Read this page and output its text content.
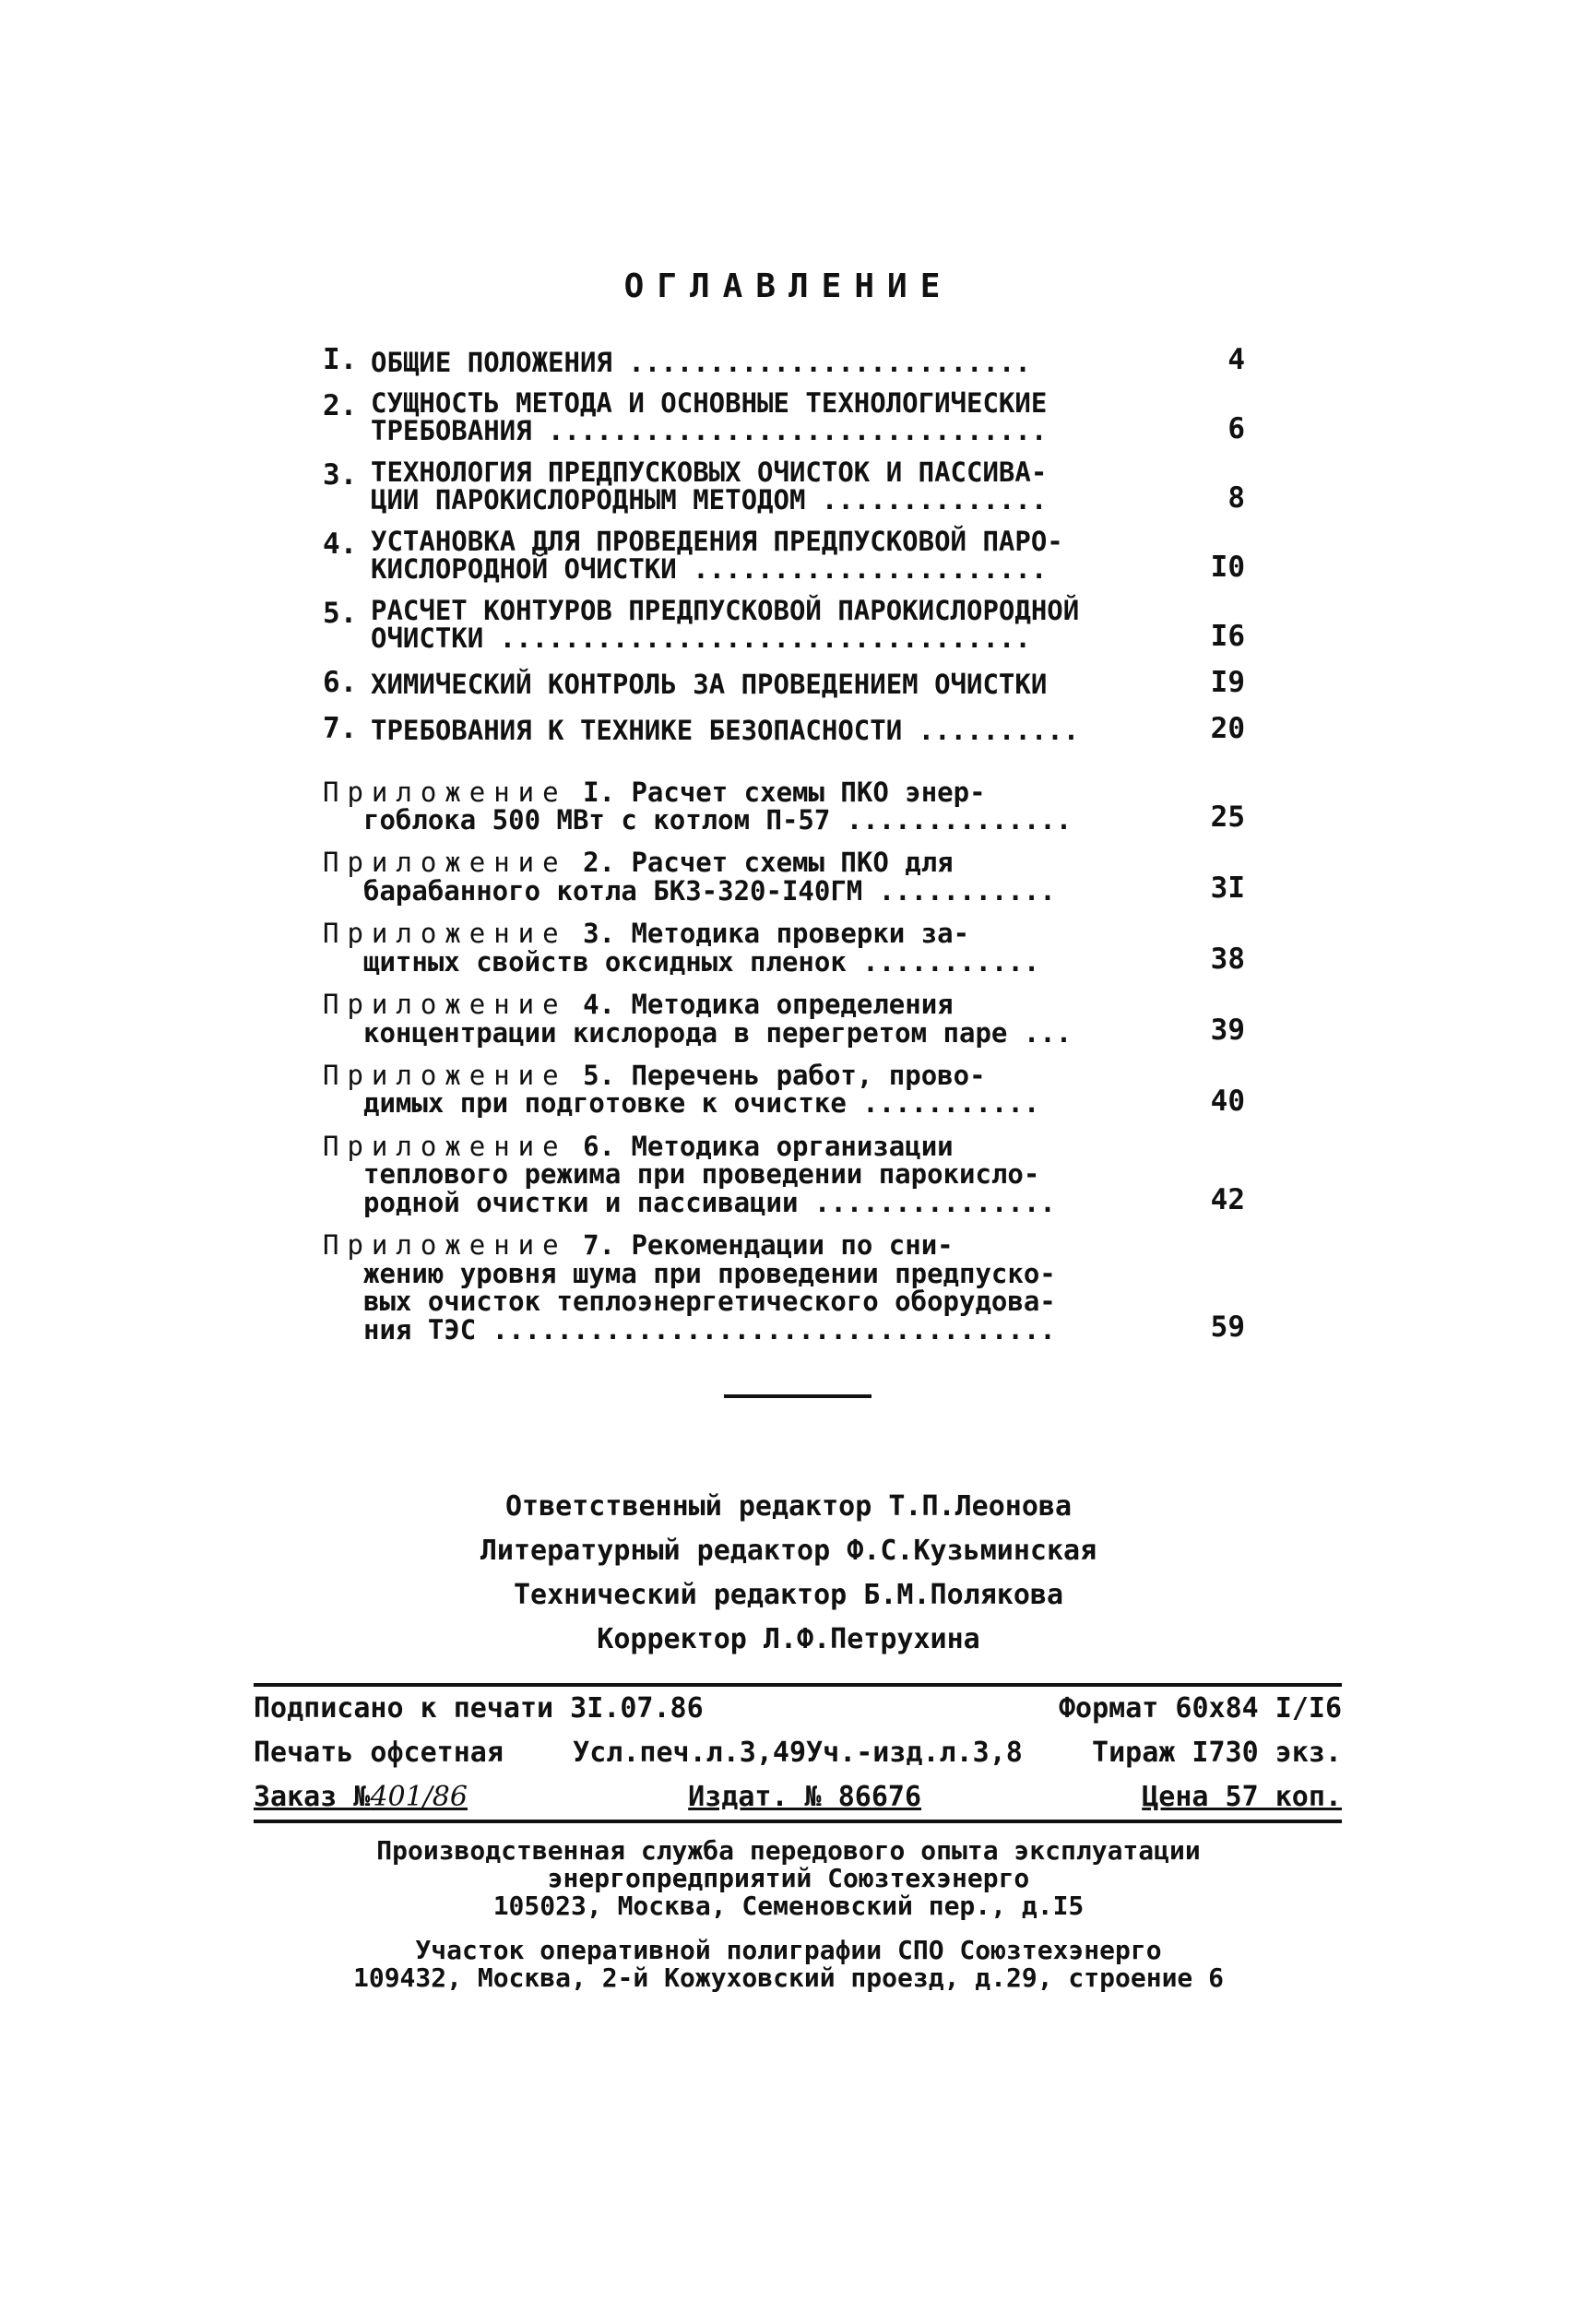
ОГЛАВЛЕНИЕ
I. ОБЩИЕ ПОЛОЖЕНИЯ .........................	4
2. СУЩНОСТЬ МЕТОДА И ОСНОВНЫЕ ТЕХНОЛОГИЧЕСКИЕ
ТРЕБОВАНИЯ ...............................	6
3. ТЕХНОЛОГИЯ ПРЕДПУСКОВЫХ ОЧИСТОК И ПАССИВА-
ЦИИ ПАРОКИСЛОРОДНЫМ МЕТОДОМ ..............	8
4. УСТАНОВКА ДЛЯ ПРОВЕДЕНИЯ ПРЕДПУСКОВОЙ ПАРО-
КИСЛОРОДНОЙ ОЧИСТКИ ......................	I0
5. РАСЧЕТ КОНТУРОВ ПРЕДПУСКОВОЙ ПАРОКИСЛОРОДНОЙ
ОЧИСТКИ .................................	I6
6. ХИМИЧЕСКИЙ КОНТРОЛЬ ЗА ПРОВЕДЕНИЕМ ОЧИСТКИ	I9
7. ТРЕБОВАНИЯ К ТЕХНИКЕ БЕЗОПАСНОСТИ ..........	20
Приложение I. Расчет схемы ПКО энер-
гоблока 500 МВт с котлом П-57 ..............	25
Приложение 2. Расчет схемы ПКО для
барабанного котла БКЗ-320-I40ГМ ...........	3I
Приложение 3. Методика проверки за-
щитных свойств оксидных пленок ...........	38
Приложение 4. Методика определения
концентрации кислорода в перегретом паре ...	39
Приложение 5. Перечень работ, прово-
димых при подготовке к очистке ...........	40
Приложение 6. Методика организации
теплового режима при проведении парокисло-
родной очистки и пассивации ...............	42
Приложение 7. Рекомендации по сни-
жению уровня шума при проведении предпуско-
вых очисток теплоэнергетического оборудова-
ния ТЭС ...................................	59
Ответственный редактор Т.П.Леонова
Литературный редактор Ф.С.Кузьминская
Технический редактор Б.М.Полякова
Корректор Л.Ф.Петрухина
Подписано к печати 3I.07.86	Формат 60х84 I/I6
Печать офсетная	Усл.печ.л.3,49Уч.-изд.л.3,8	Тираж I730 экз.
Заказ №401/86	Издат. № 86676	Цена 57 коп.
Производственная служба передового опыта эксплуатации
энергопредприятий Союзтехэнерго
105023, Москва, Семеновский пер., д.I5
Участок оперативной полиграфии СПО Союзтехэнерго
109432, Москва, 2-й Кожуховский проезд, д.29, строение 6
